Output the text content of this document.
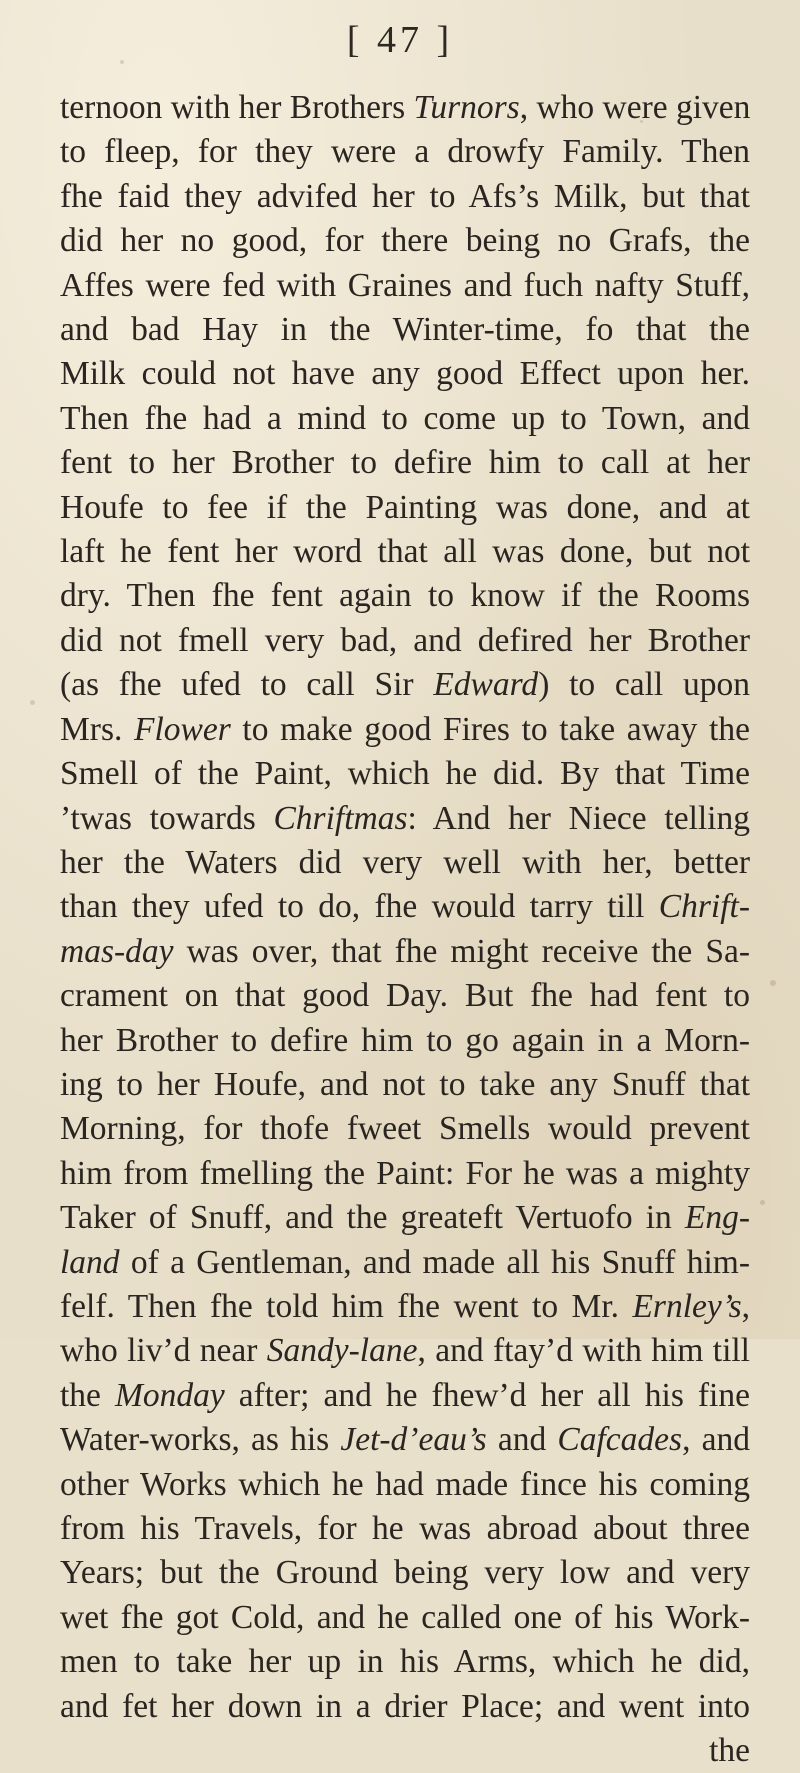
[ 47 ]
ternoon with her Brothers Turnors, who were given
to fleep, for they were a drowfy Family. Then
fhe faid they advifed her to Afs’s Milk, but that
did her no good, for there being no Grafs, the
Affes were fed with Graines and fuch nafty Stuff,
and bad Hay in the Winter-time, fo that the
Milk could not have any good Effect upon her.
Then fhe had a mind to come up to Town, and
fent to her Brother to defire him to call at her
Houfe to fee if the Painting was done, and at
laft he fent her word that all was done, but not
dry. Then fhe fent again to know if the Rooms
did not fmell very bad, and defired her Brother
(as fhe ufed to call Sir Edward) to call upon
Mrs. Flower to make good Fires to take away the
Smell of the Paint, which he did. By that Time
’twas towards Chriftmas: And her Niece telling
her the Waters did very well with her, better
than they ufed to do, fhe would tarry till Chrift-
mas-day was over, that fhe might receive the Sa-
crament on that good Day. But fhe had fent to
her Brother to defire him to go again in a Morn-
ing to her Houfe, and not to take any Snuff that
Morning, for thofe fweet Smells would prevent
him from fmelling the Paint: For he was a mighty
Taker of Snuff, and the greateft Vertuofo in Eng-
land of a Gentleman, and made all his Snuff him-
felf. Then fhe told him fhe went to Mr. Ernley’s,
who liv’d near Sandy-lane, and ftay’d with him till
the Monday after; and he fhew’d her all his fine
Water-works, as his Jet-d’eau’s and Cafcades, and
other Works which he had made fince his coming
from his Travels, for he was abroad about three
Years; but the Ground being very low and very
wet fhe got Cold, and he called one of his Work-
men to take her up in his Arms, which he did,
and fet her down in a drier Place; and went into
the
